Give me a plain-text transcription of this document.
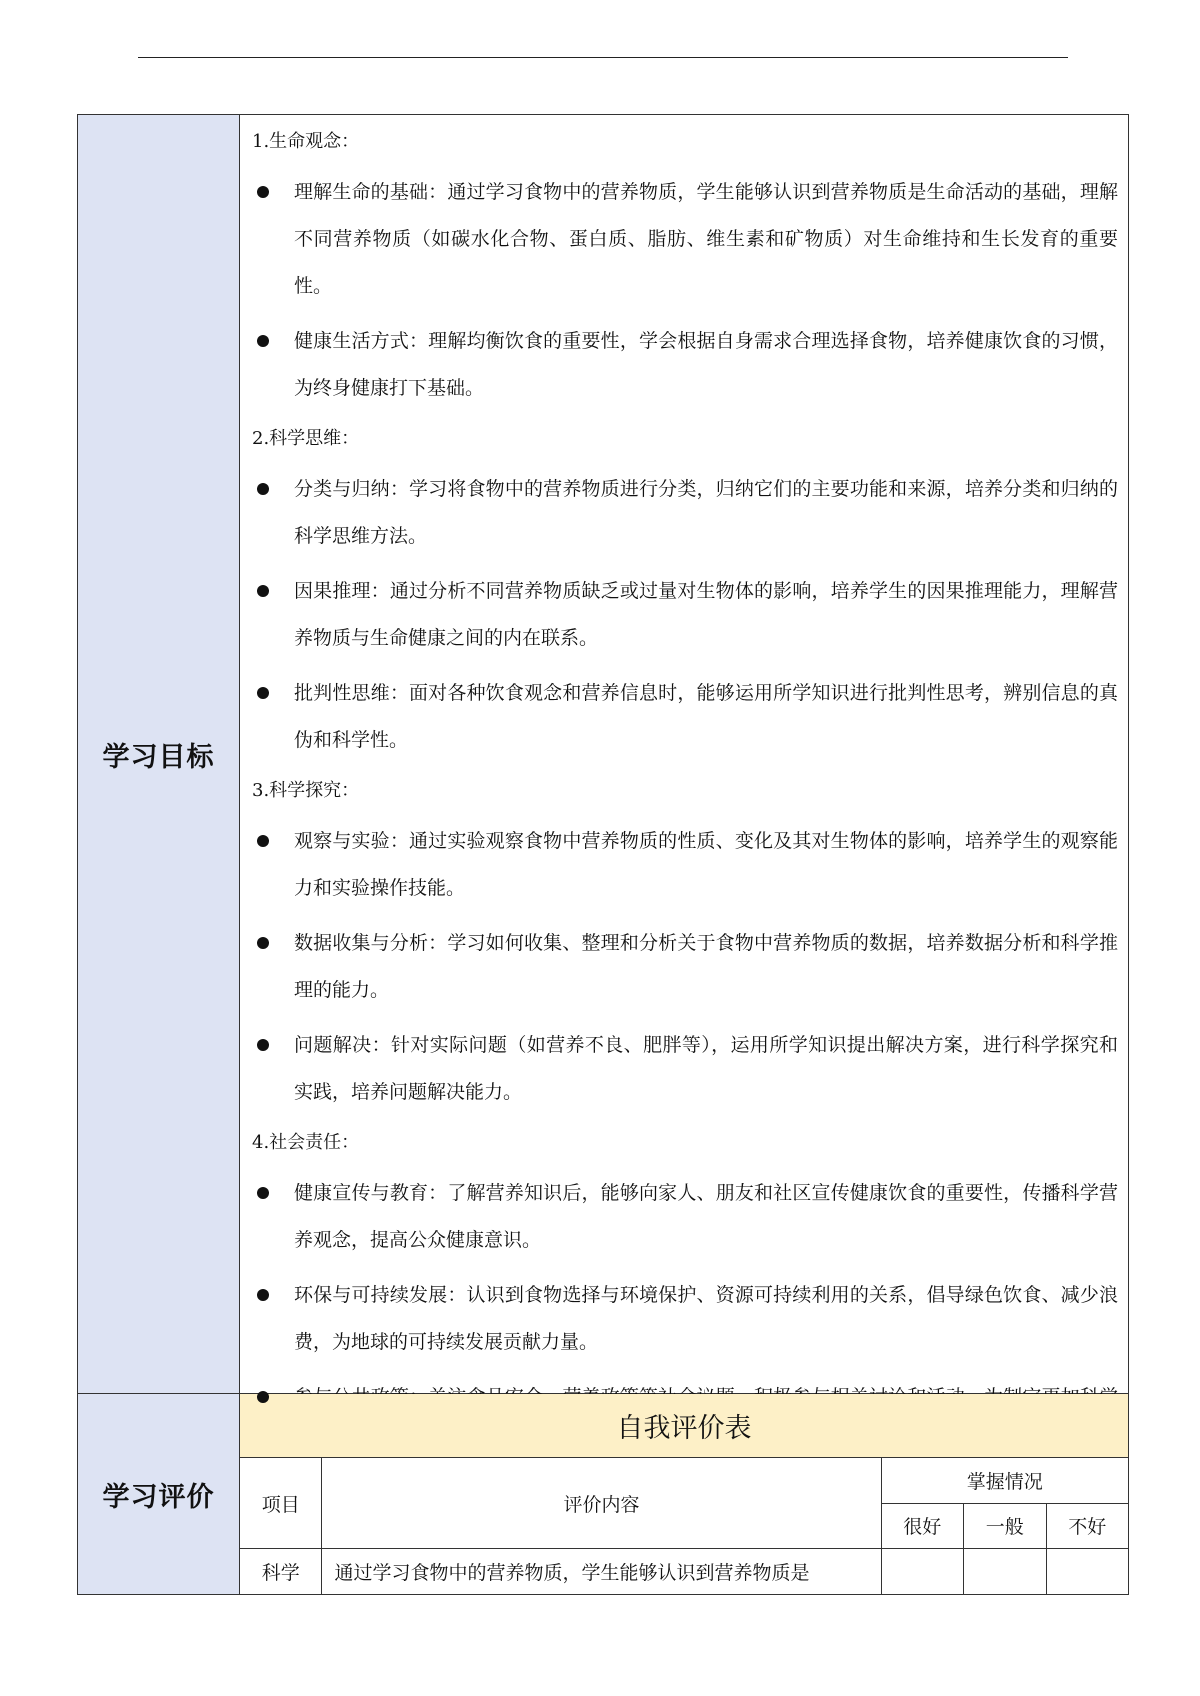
学习目标
1.生命观念：
理解生命的基础：通过学习食物中的营养物质，学生能够认识到营养物质是生命活动的基础，理解不同营养物质（如碳水化合物、蛋白质、脂肪、维生素和矿物质）对生命维持和生长发育的重要性。
健康生活方式：理解均衡饮食的重要性，学会根据自身需求合理选择食物，培养健康饮食的习惯，为终身健康打下基础。
2.科学思维：
分类与归纳：学习将食物中的营养物质进行分类，归纳它们的主要功能和来源，培养分类和归纳的科学思维方法。
因果推理：通过分析不同营养物质缺乏或过量对生物体的影响，培养学生的因果推理能力，理解营养物质与生命健康之间的内在联系。
批判性思维：面对各种饮食观念和营养信息时，能够运用所学知识进行批判性思考，辨别信息的真伪和科学性。
3.科学探究：
观察与实验：通过实验观察食物中营养物质的性质、变化及其对生物体的影响，培养学生的观察能力和实验操作技能。
数据收集与分析：学习如何收集、整理和分析关于食物中营养物质的数据，培养数据分析和科学推理的能力。
问题解决：针对实际问题（如营养不良、肥胖等），运用所学知识提出解决方案，进行科学探究和实践，培养问题解决能力。
4.社会责任：
健康宣传与教育：了解营养知识后，能够向家人、朋友和社区宣传健康饮食的重要性，传播科学营养观念，提高公众健康意识。
环保与可持续发展：认识到食物选择与环境保护、资源可持续利用的关系，倡导绿色饮食、减少浪费，为地球的可持续发展贡献力量。
学习评价
自我评价表
项目	评价内容	掌握情况		
		很好	一般	不好
科学	通过学习食物中的营养物质，学生能够认识到营养物质是			
